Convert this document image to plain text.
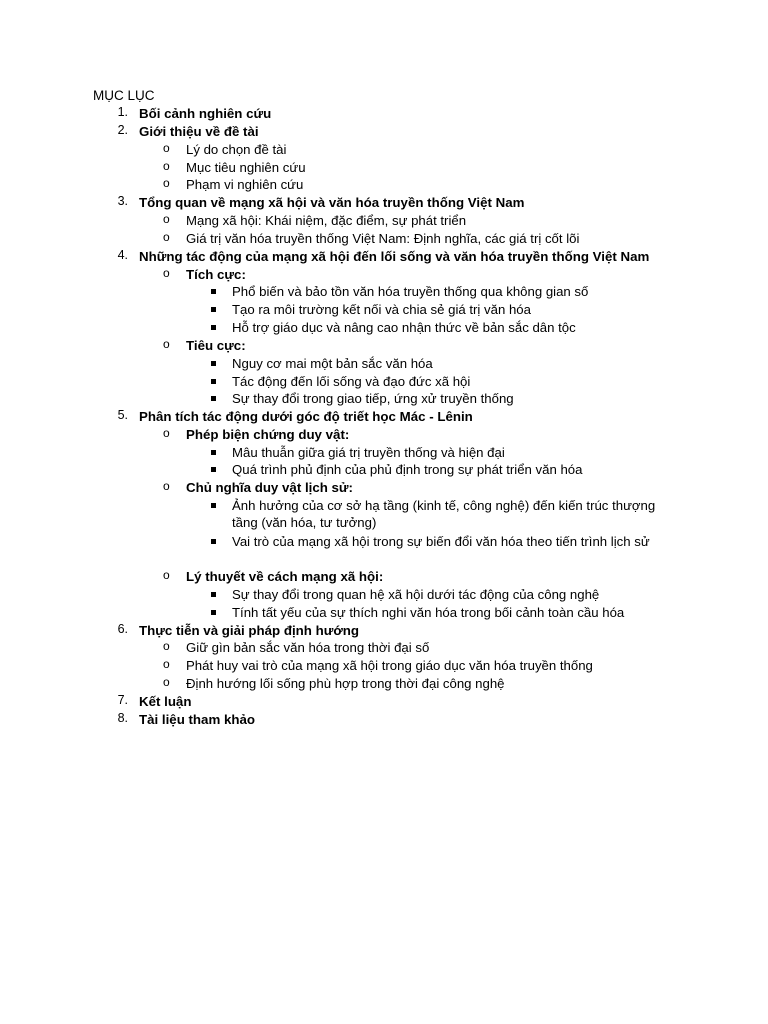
MỤC LỤC
1. Bối cảnh nghiên cứu
2. Giới thiệu về đề tài
o Lý do chọn đề tài
o Mục tiêu nghiên cứu
o Phạm vi nghiên cứu
3. Tổng quan về mạng xã hội và văn hóa truyền thống Việt Nam
o Mạng xã hội: Khái niệm, đặc điểm, sự phát triển
o Giá trị văn hóa truyền thống Việt Nam: Định nghĩa, các giá trị cốt lõi
4. Những tác động của mạng xã hội đến lối sống và văn hóa truyền thống Việt Nam
o Tích cực:
Phổ biến và bảo tồn văn hóa truyền thống qua không gian số
Tạo ra môi trường kết nối và chia sẻ giá trị văn hóa
Hỗ trợ giáo dục và nâng cao nhận thức về bản sắc dân tộc
o Tiêu cực:
Nguy cơ mai một bản sắc văn hóa
Tác động đến lối sống và đạo đức xã hội
Sự thay đổi trong giao tiếp, ứng xử truyền thống
5. Phân tích tác động dưới góc độ triết học Mác - Lênin
o Phép biện chứng duy vật:
Mâu thuẫn giữa giá trị truyền thống và hiện đại
Quá trình phủ định của phủ định trong sự phát triển văn hóa
o Chủ nghĩa duy vật lịch sử:
Ảnh hưởng của cơ sở hạ tầng (kinh tế, công nghệ) đến kiến trúc thượng tầng (văn hóa, tư tưởng)
Vai trò của mạng xã hội trong sự biến đổi văn hóa theo tiến trình lịch sử
o Lý thuyết về cách mạng xã hội:
Sự thay đổi trong quan hệ xã hội dưới tác động của công nghệ
Tính tất yếu của sự thích nghi văn hóa trong bối cảnh toàn cầu hóa
6. Thực tiễn và giải pháp định hướng
o Giữ gìn bản sắc văn hóa trong thời đại số
o Phát huy vai trò của mạng xã hội trong giáo dục văn hóa truyền thống
o Định hướng lối sống phù hợp trong thời đại công nghệ
7. Kết luận
8. Tài liệu tham khảo
